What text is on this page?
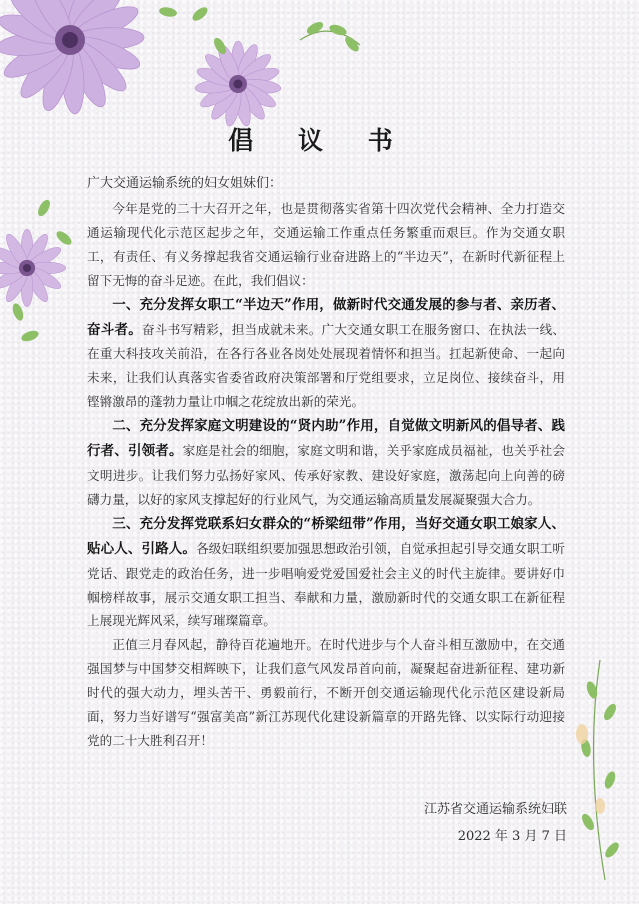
倡 议 书
广大交通运输系统的妇女姐妹们：

今年是党的二十大召开之年，也是贯彻落实省第十四次党代会精神、全力打造交通运输现代化示范区起步之年，交通运输工作重点任务繁重而艰巨。作为交通女职工，有责任、有义务撑起我省交通运输行业奋进路上的“半边天”，在新时代新征程上留下无悔的奋斗足迹。在此，我们倡议：

一、充分发挥女职工“半边天”作用，做新时代交通发展的参与者、亲历者、奋斗者。奋斗书写精彩，担当成就未来。广大交通女职工在服务窗口、在执法一线、在重大科技攻关前沿，在各行各业各岗处处展现着情怀和担当。扛起新使命、一起向未来，让我们认真落实省委省政府决策部署和厅党组要求，立足岗位、接续奋斗，用铿锵激昂的蓬勃力量让巾帼之花绽放出新的荣光。

二、充分发挥家庭文明建设的“贤内助”作用，自觉做文明新风的倡导者、践行者、引领者。家庭是社会的细胞，家庭文明和谐，关乎家庭成员福祉，也关乎社会文明进步。让我们努力弘扬好家风、传承好家教、建设好家庭，激荡起向上向善的磅礴力量，以好的家风支撑起好的行业风气，为交通运输高质量发展凝聚强大合力。

三、充分发挥党联系妇女群众的“桥梁纽带”作用，当好交通女职工娘家人、贴心人、引路人。各级妇联组织要加强思想政治引领，自觉承担起引导交通女职工听党话、跟党走的政治任务，进一步唱响爱党爱国爱社会主义的时代主旋律。要讲好巾帼榜样故事，展示交通女职工担当、奉献和力量，激励新时代的交通女职工在新征程上展现光辉风采，续写璀璨篇章。

正值三月春风起，静待百花遍地开。在时代进步与个人奋斗相互激励中，在交通强国梦与中国梦交相辉映下，让我们意气风发昂首向前，凝聚起奋进新征程、建功新时代的强大动力，埋头苦干、勇毅前行，不断开创交通运输现代化示范区建设新局面，努力当好谱写“强富美高”新江苏现代化建设新篇章的开路先锋、以实际行动迎接党的二十大胜利召开！

江苏省交通运输系统妇联
2022 年 3 月 7 日
